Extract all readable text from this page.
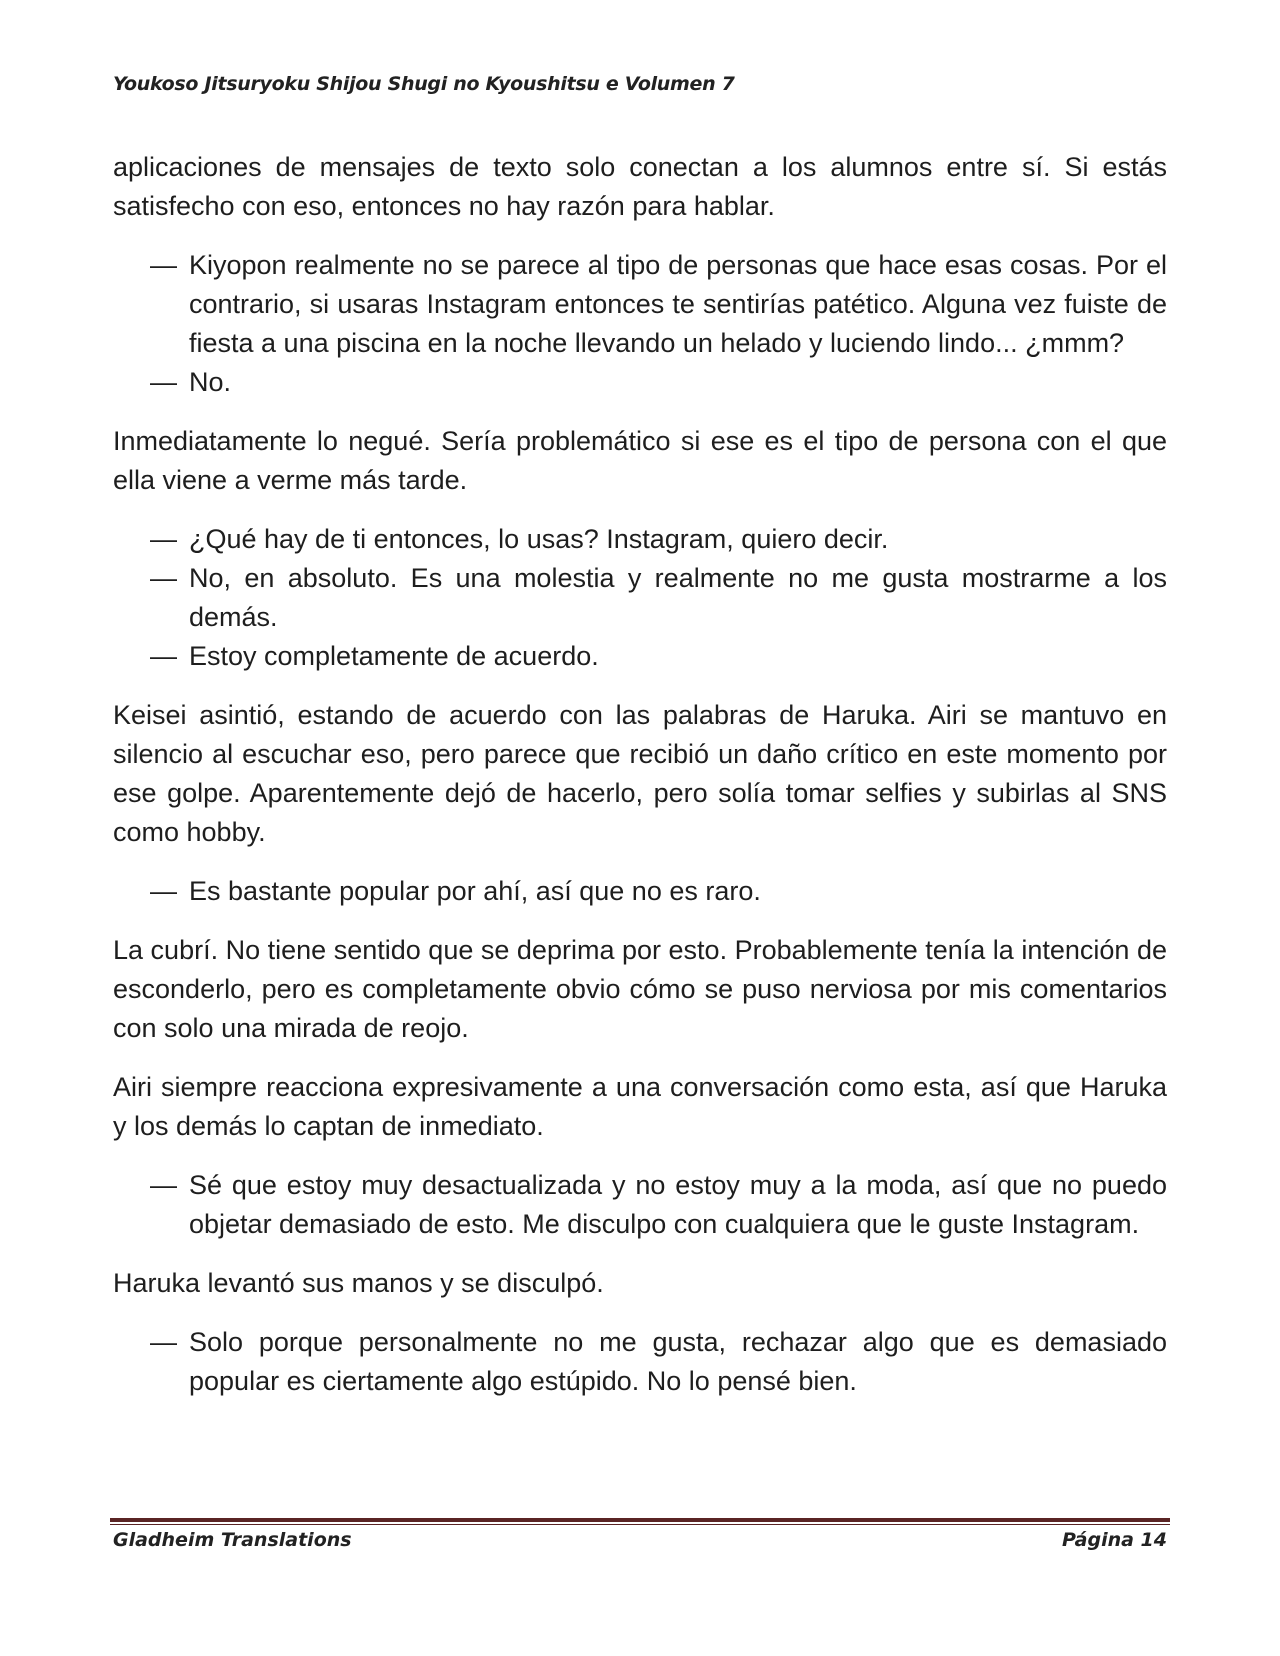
Youkoso Jitsuryoku Shijou Shugi no Kyoushitsu e Volumen 7

aplicaciones de mensajes de texto solo conectan a los alumnos entre sí. Si estás satisfecho con eso, entonces no hay razón para hablar.

— Kiyopon realmente no se parece al tipo de personas que hace esas cosas. Por el contrario, si usaras Instagram entonces te sentirías patético. Alguna vez fuiste de fiesta a una piscina en la noche llevando un helado y luciendo lindo... ¿mmm?
— No.

Inmediatamente lo negué. Sería problemático si ese es el tipo de persona con el que ella viene a verme más tarde.

— ¿Qué hay de ti entonces, lo usas? Instagram, quiero decir.
— No, en absoluto. Es una molestia y realmente no me gusta mostrarme a los demás.
— Estoy completamente de acuerdo.

Keisei asintió, estando de acuerdo con las palabras de Haruka. Airi se mantuvo en silencio al escuchar eso, pero parece que recibió un daño crítico en este momento por ese golpe. Aparentemente dejó de hacerlo, pero solía tomar selfies y subirlas al SNS como hobby.

— Es bastante popular por ahí, así que no es raro.

La cubrí. No tiene sentido que se deprima por esto. Probablemente tenía la intención de esconderlo, pero es completamente obvio cómo se puso nerviosa por mis comentarios con solo una mirada de reojo.

Airi siempre reacciona expresivamente a una conversación como esta, así que Haruka y los demás lo captan de inmediato.

— Sé que estoy muy desactualizada y no estoy muy a la moda, así que no puedo objetar demasiado de esto. Me disculpo con cualquiera que le guste Instagram.

Haruka levantó sus manos y se disculpó.

— Solo porque personalmente no me gusta, rechazar algo que es demasiado popular es ciertamente algo estúpido. No lo pensé bien.
Gladheim Translations	Página 14
